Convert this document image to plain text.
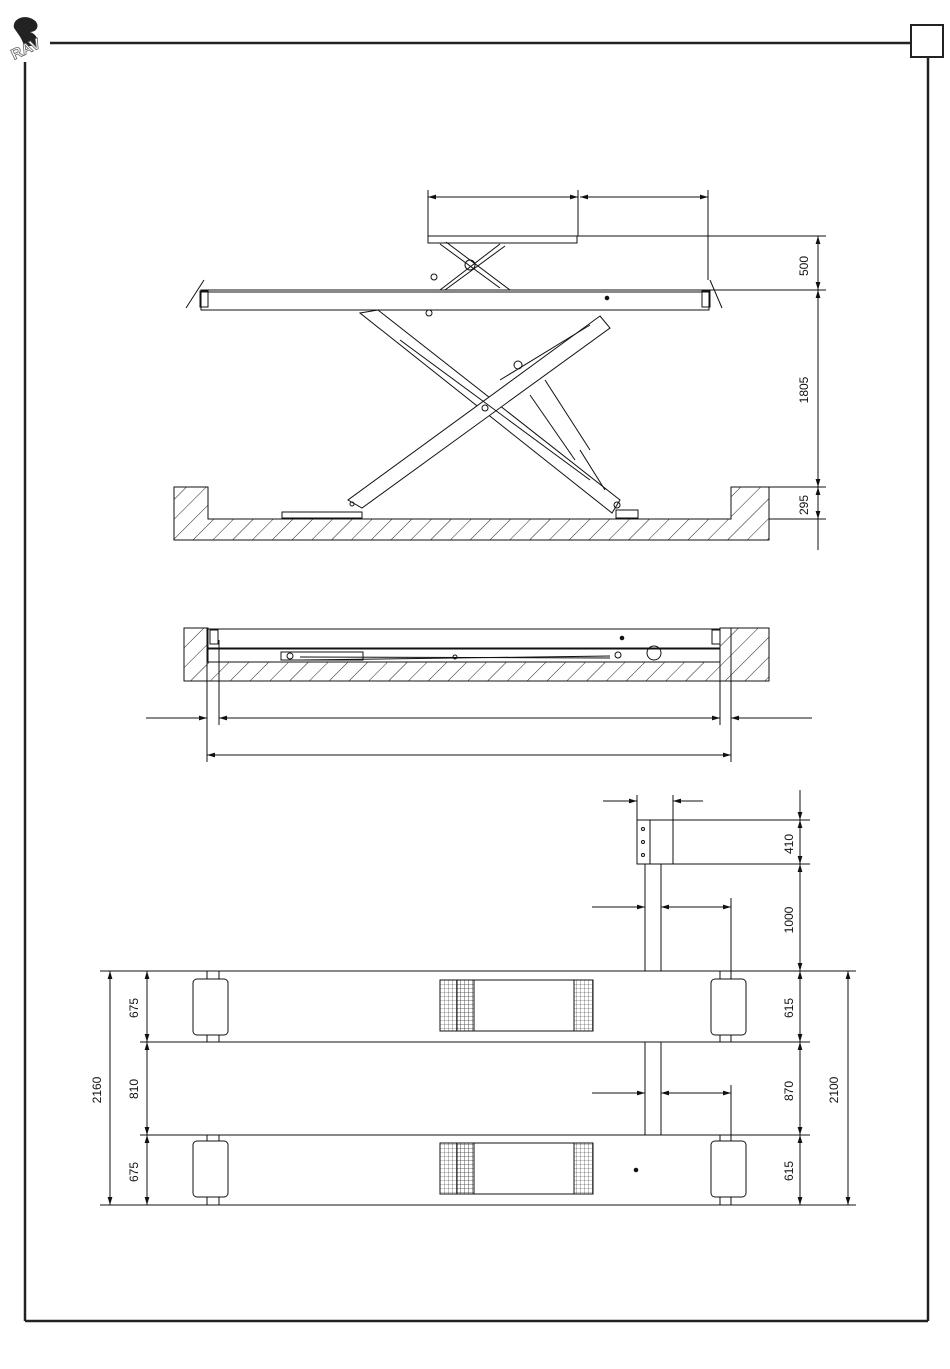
RAV
500
1805
295
675
810
675
2160
410
1000
615
870
615
2100
